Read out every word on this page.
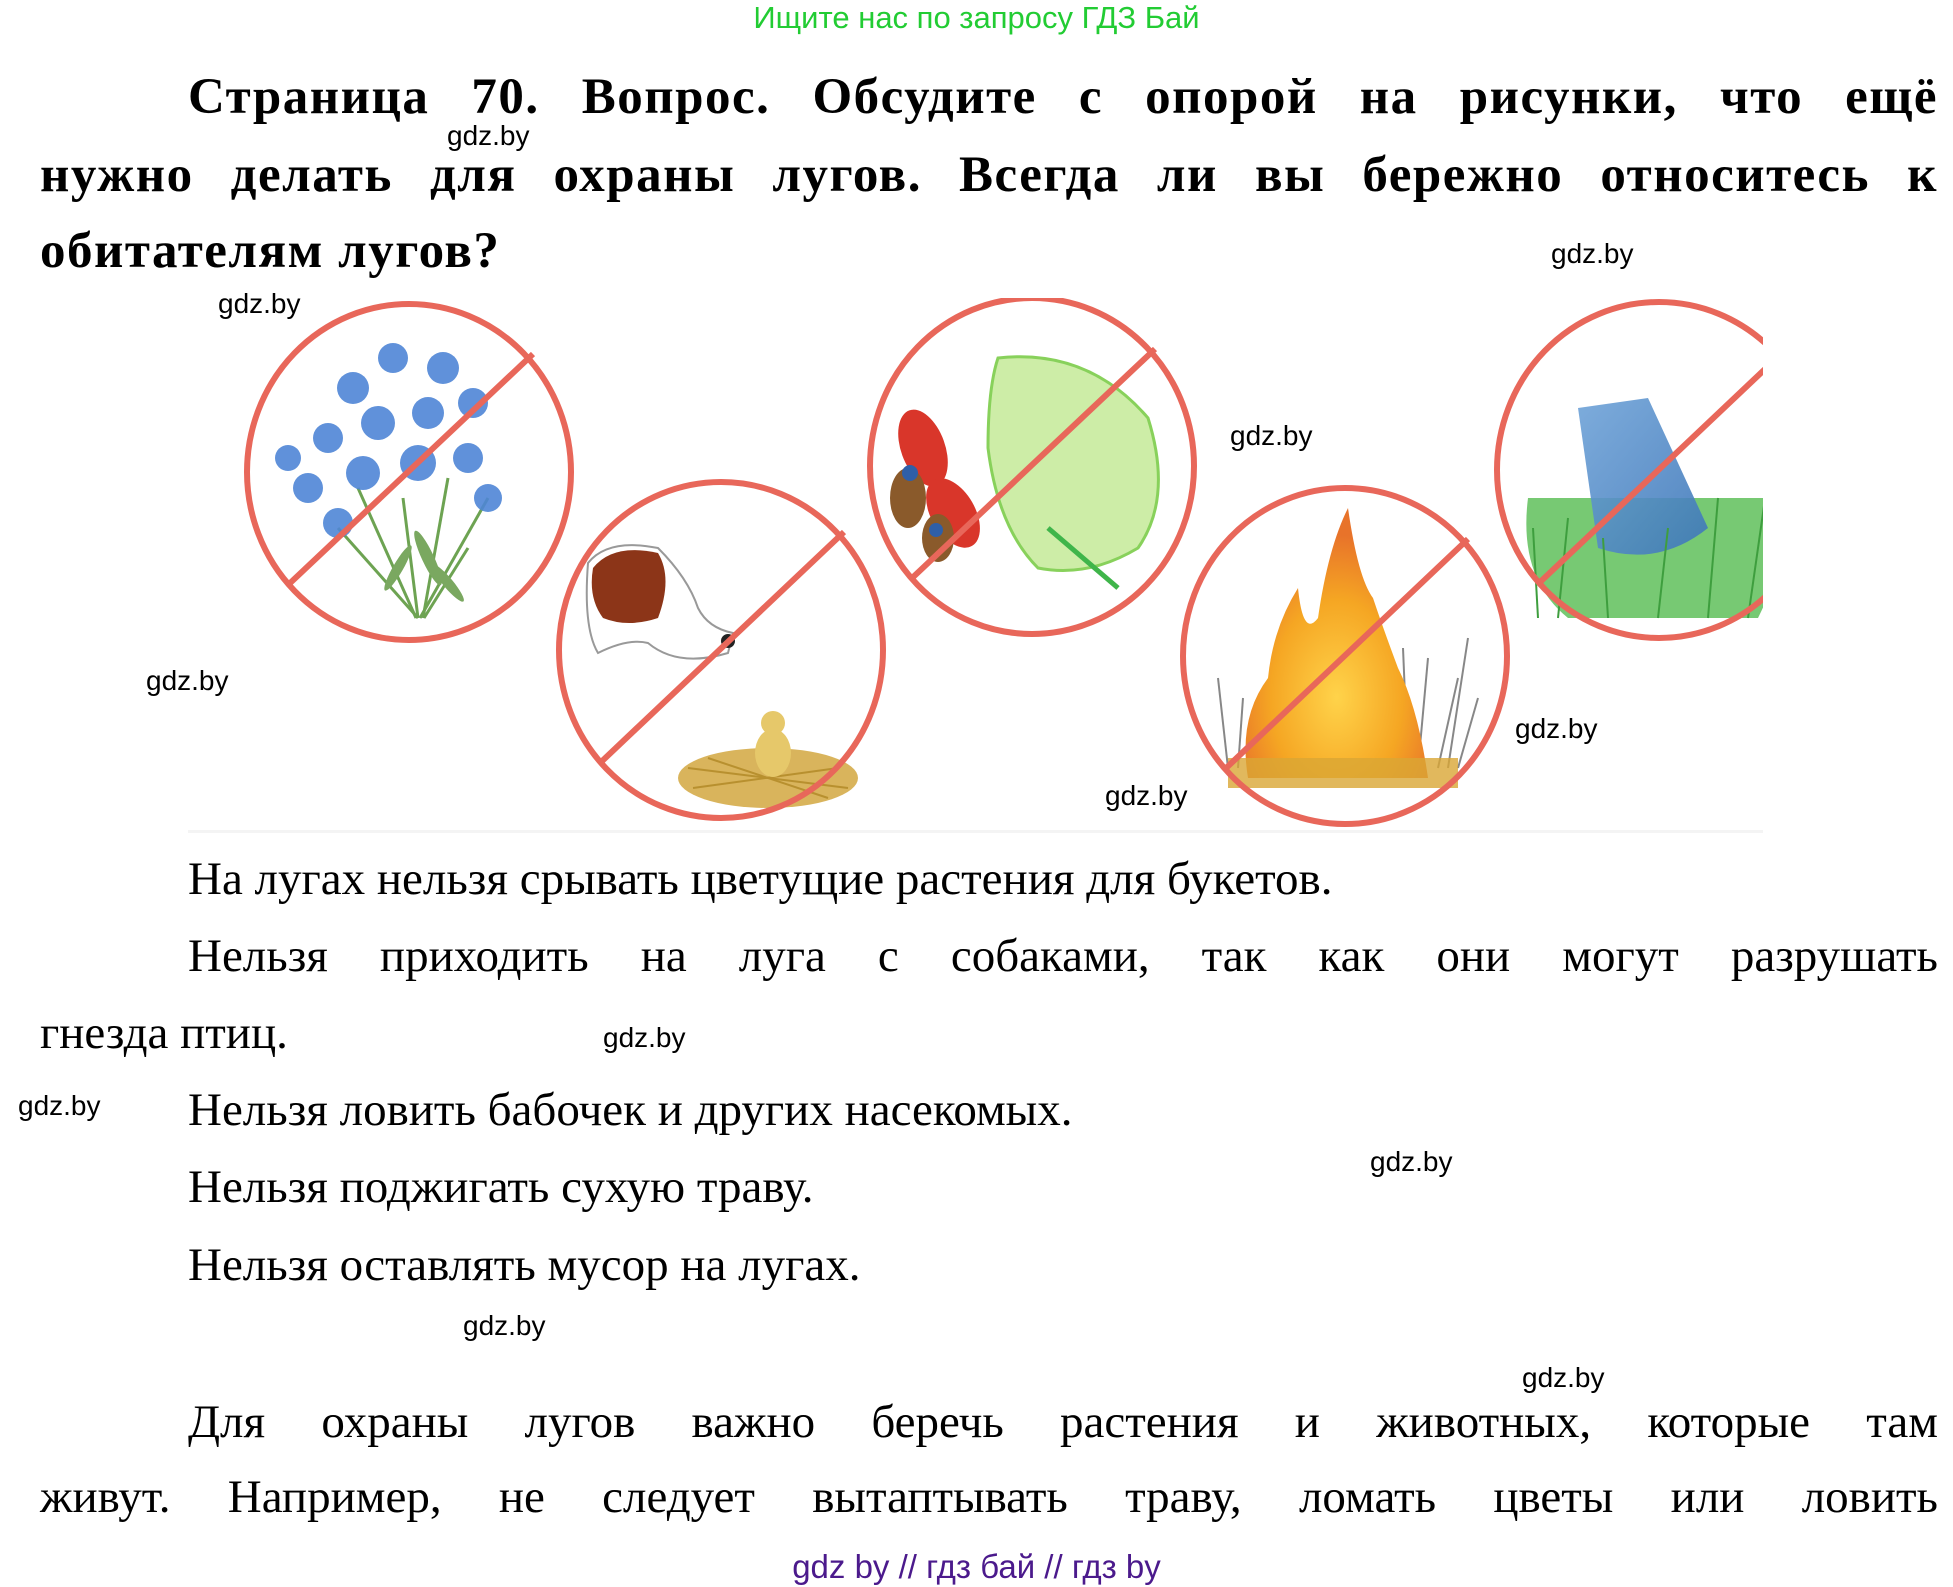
Ищите нас по запросу ГДЗ Бай
Страница 70. Вопрос. Обсудите с опорой на рисунки, что ещё
нужно делать для охраны лугов. Всегда ли вы бережно относитесь к
обитателям лугов?
На лугах нельзя срывать цветущие растения для букетов.
Нельзя приходить на луга с собаками, так как они могут разрушать
гнезда птиц.
Нельзя ловить бабочек и других насекомых.
Нельзя поджигать сухую траву.
Нельзя оставлять мусор на лугах.
Для охраны лугов важно беречь растения и животных, которые там
живут. Например, не следует вытаптывать траву, ломать цветы или ловить
gdz.by
gdz.by
gdz.by
gdz.by
gdz.by
gdz.by
gdz.by
gdz.by
gdz.by
gdz.by
gdz.by
gdz.by
gdz by // гдз бай // гдз by
